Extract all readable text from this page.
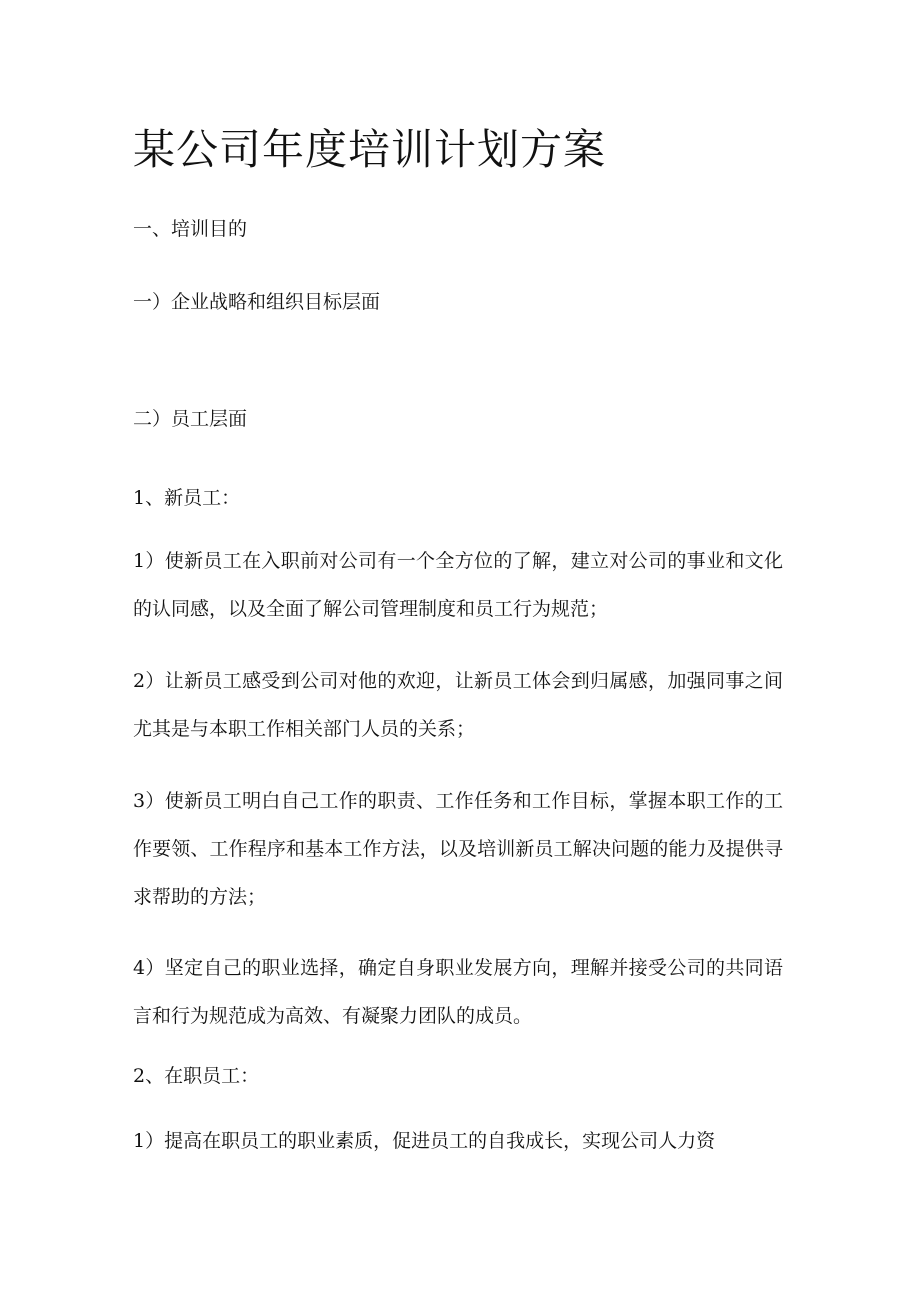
某公司年度培训计划方案
一、培训目的
一）企业战略和组织目标层面
二）员工层面
1、新员工：
1）使新员工在入职前对公司有一个全方位的了解，建立对公司的事业和文化的认同感，以及全面了解公司管理制度和员工行为规范；
2）让新员工感受到公司对他的欢迎，让新员工体会到归属感，加强同事之间尤其是与本职工作相关部门人员的关系；
3）使新员工明白自己工作的职责、工作任务和工作目标，掌握本职工作的工作要领、工作程序和基本工作方法，以及培训新员工解决问题的能力及提供寻求帮助的方法；
4）坚定自己的职业选择，确定自身职业发展方向，理解并接受公司的共同语言和行为规范成为高效、有凝聚力团队的成员。
2、在职员工：
1）提高在职员工的职业素质，促进员工的自我成长，实现公司人力资
